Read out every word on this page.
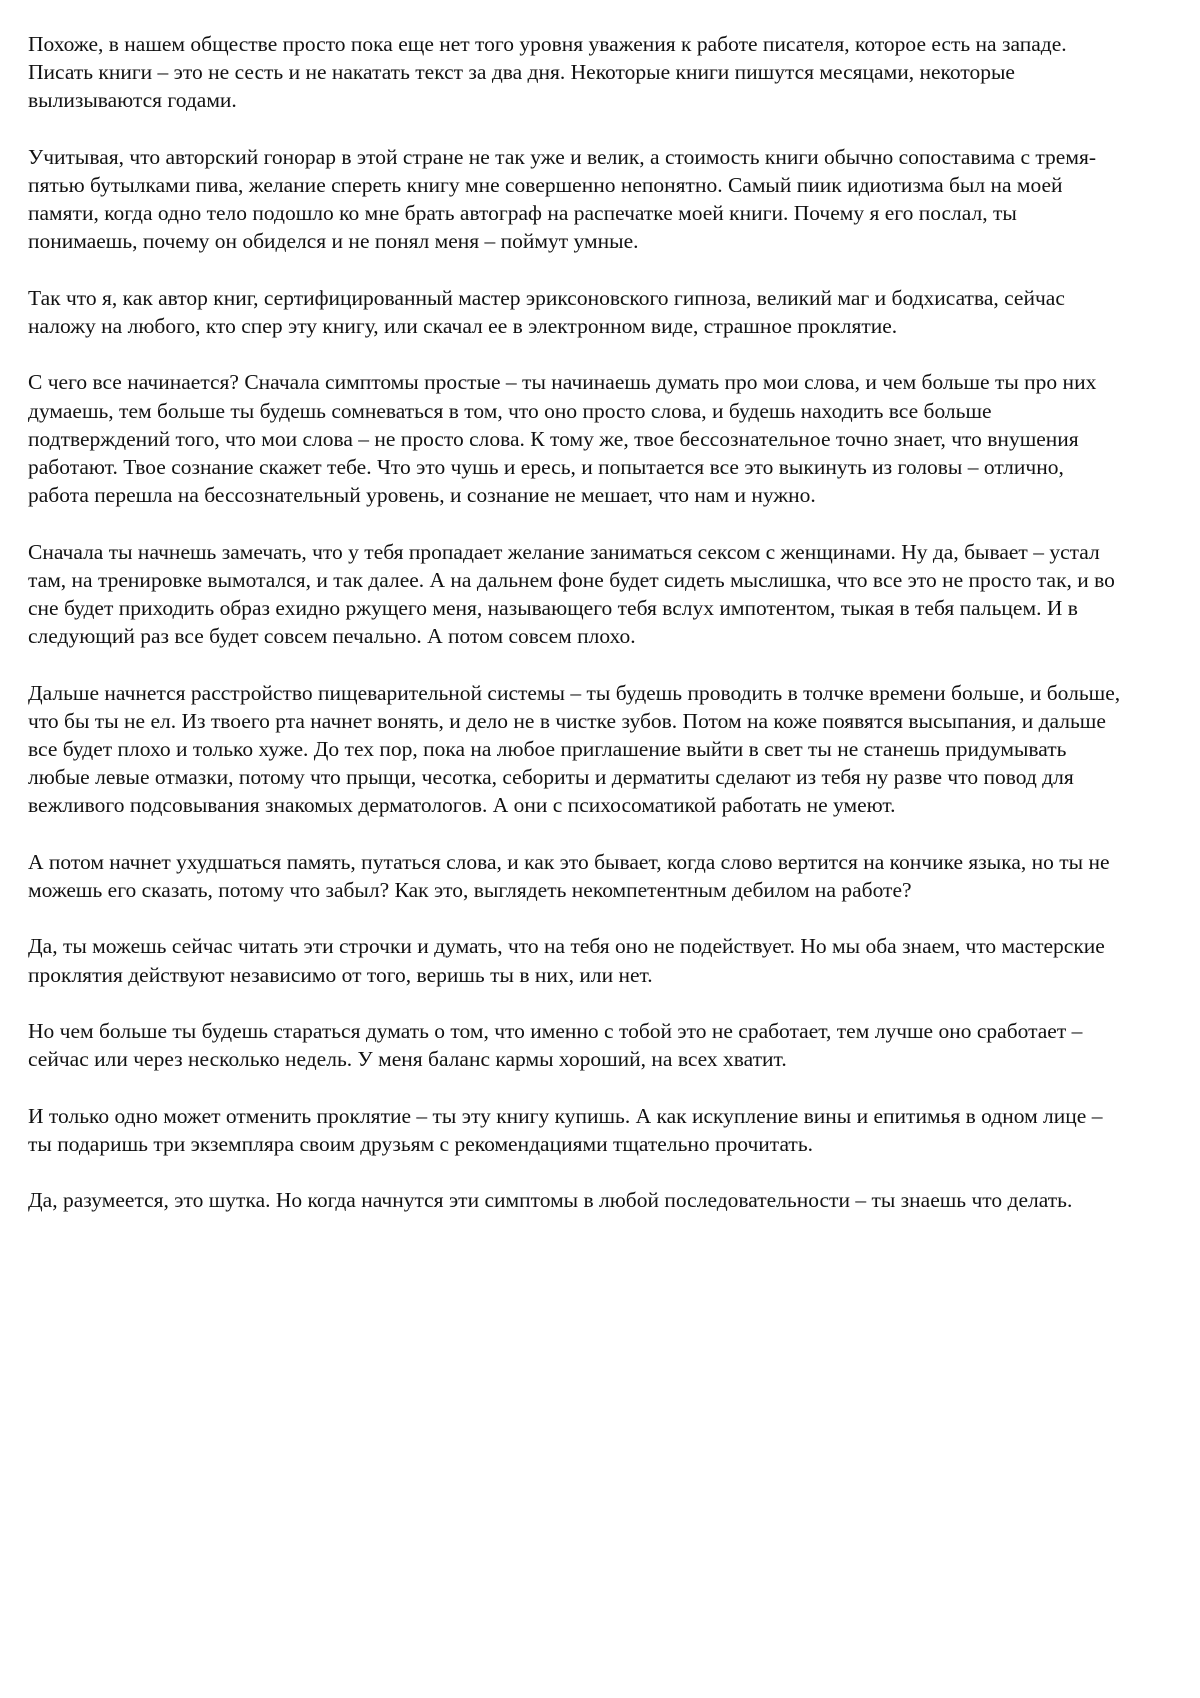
Похоже, в нашем обществе просто пока еще нет того уровня уважения к работе писателя, которое есть на западе. Писать книги – это не сесть и не накатать текст за два дня. Некоторые книги пишутся месяцами, некоторые вылизываются годами.

Учитывая, что авторский гонорар в этой стране не так уже и велик, а стоимость книги обычно сопоставима с тремя-пятью бутылками пива, желание спереть книгу мне совершенно непонятно. Самый пиик идиотизма был на моей памяти, когда одно тело подошло ко мне брать автограф на распечатке моей книги. Почему я его послал, ты понимаешь, почему он обиделся и не понял меня – поймут умные.

Так что я, как автор книг, сертифицированный мастер эриксоновского гипноза, великий маг и бодхисатва, сейчас наложу на любого, кто спер эту книгу, или скачал ее в электронном виде, страшное проклятие.

С чего все начинается? Сначала симптомы простые – ты начинаешь думать про мои слова, и чем больше ты про них думаешь, тем больше ты будешь сомневаться в том, что оно просто слова, и будешь находить все больше подтверждений того, что мои слова – не просто слова. К тому же, твое бессознательное точно знает, что внушения работают. Твое сознание скажет тебе. Что это чушь и ересь, и попытается все это выкинуть из головы – отлично, работа перешла на бессознательный уровень, и сознание не мешает, что нам и нужно.

Сначала ты начнешь замечать, что у тебя пропадает желание заниматься сексом с женщинами. Ну да, бывает – устал там, на тренировке вымотался, и так далее. А на дальнем фоне будет сидеть мыслишка, что все это не просто так, и во сне будет приходить образ ехидно ржущего меня, называющего тебя вслух импотентом, тыкая в тебя пальцем. И в следующий раз все будет совсем печально. А потом совсем плохо.

Дальше начнется расстройство пищеварительной системы – ты будешь проводить в толчке времени больше, и больше, что бы ты не ел. Из твоего рта начнет вонять, и дело не в чистке зубов. Потом на коже появятся высыпания, и дальше все будет плохо и только хуже. До тех пор, пока на любое приглашение выйти в свет ты не станешь придумывать любые левые отмазки, потому что прыщи, чесотка, себориты и дерматиты сделают из тебя ну разве что повод для вежливого подсовывания знакомых дерматологов. А они с психосоматикой работать не умеют.

А потом начнет ухудшаться память, путаться слова, и как это бывает, когда слово вертится на кончике языка, но ты не можешь его сказать, потому что забыл? Как это, выглядеть некомпетентным дебилом на работе?

Да, ты можешь сейчас читать эти строчки и думать, что на тебя оно не подействует. Но мы оба знаем, что мастерские проклятия действуют независимо от того, веришь ты в них, или нет.

Но чем больше ты будешь стараться думать о том, что именно с тобой это не сработает, тем лучше оно сработает – сейчас или через несколько недель. У меня баланс кармы хороший, на всех хватит.

И только одно может отменить проклятие – ты эту книгу купишь. А как искупление вины и епитимья в одном лице – ты подаришь три экземпляра своим друзьям с рекомендациями тщательно прочитать.

Да, разумеется, это шутка. Но когда начнутся эти симптомы в любой последовательности – ты знаешь что делать.
